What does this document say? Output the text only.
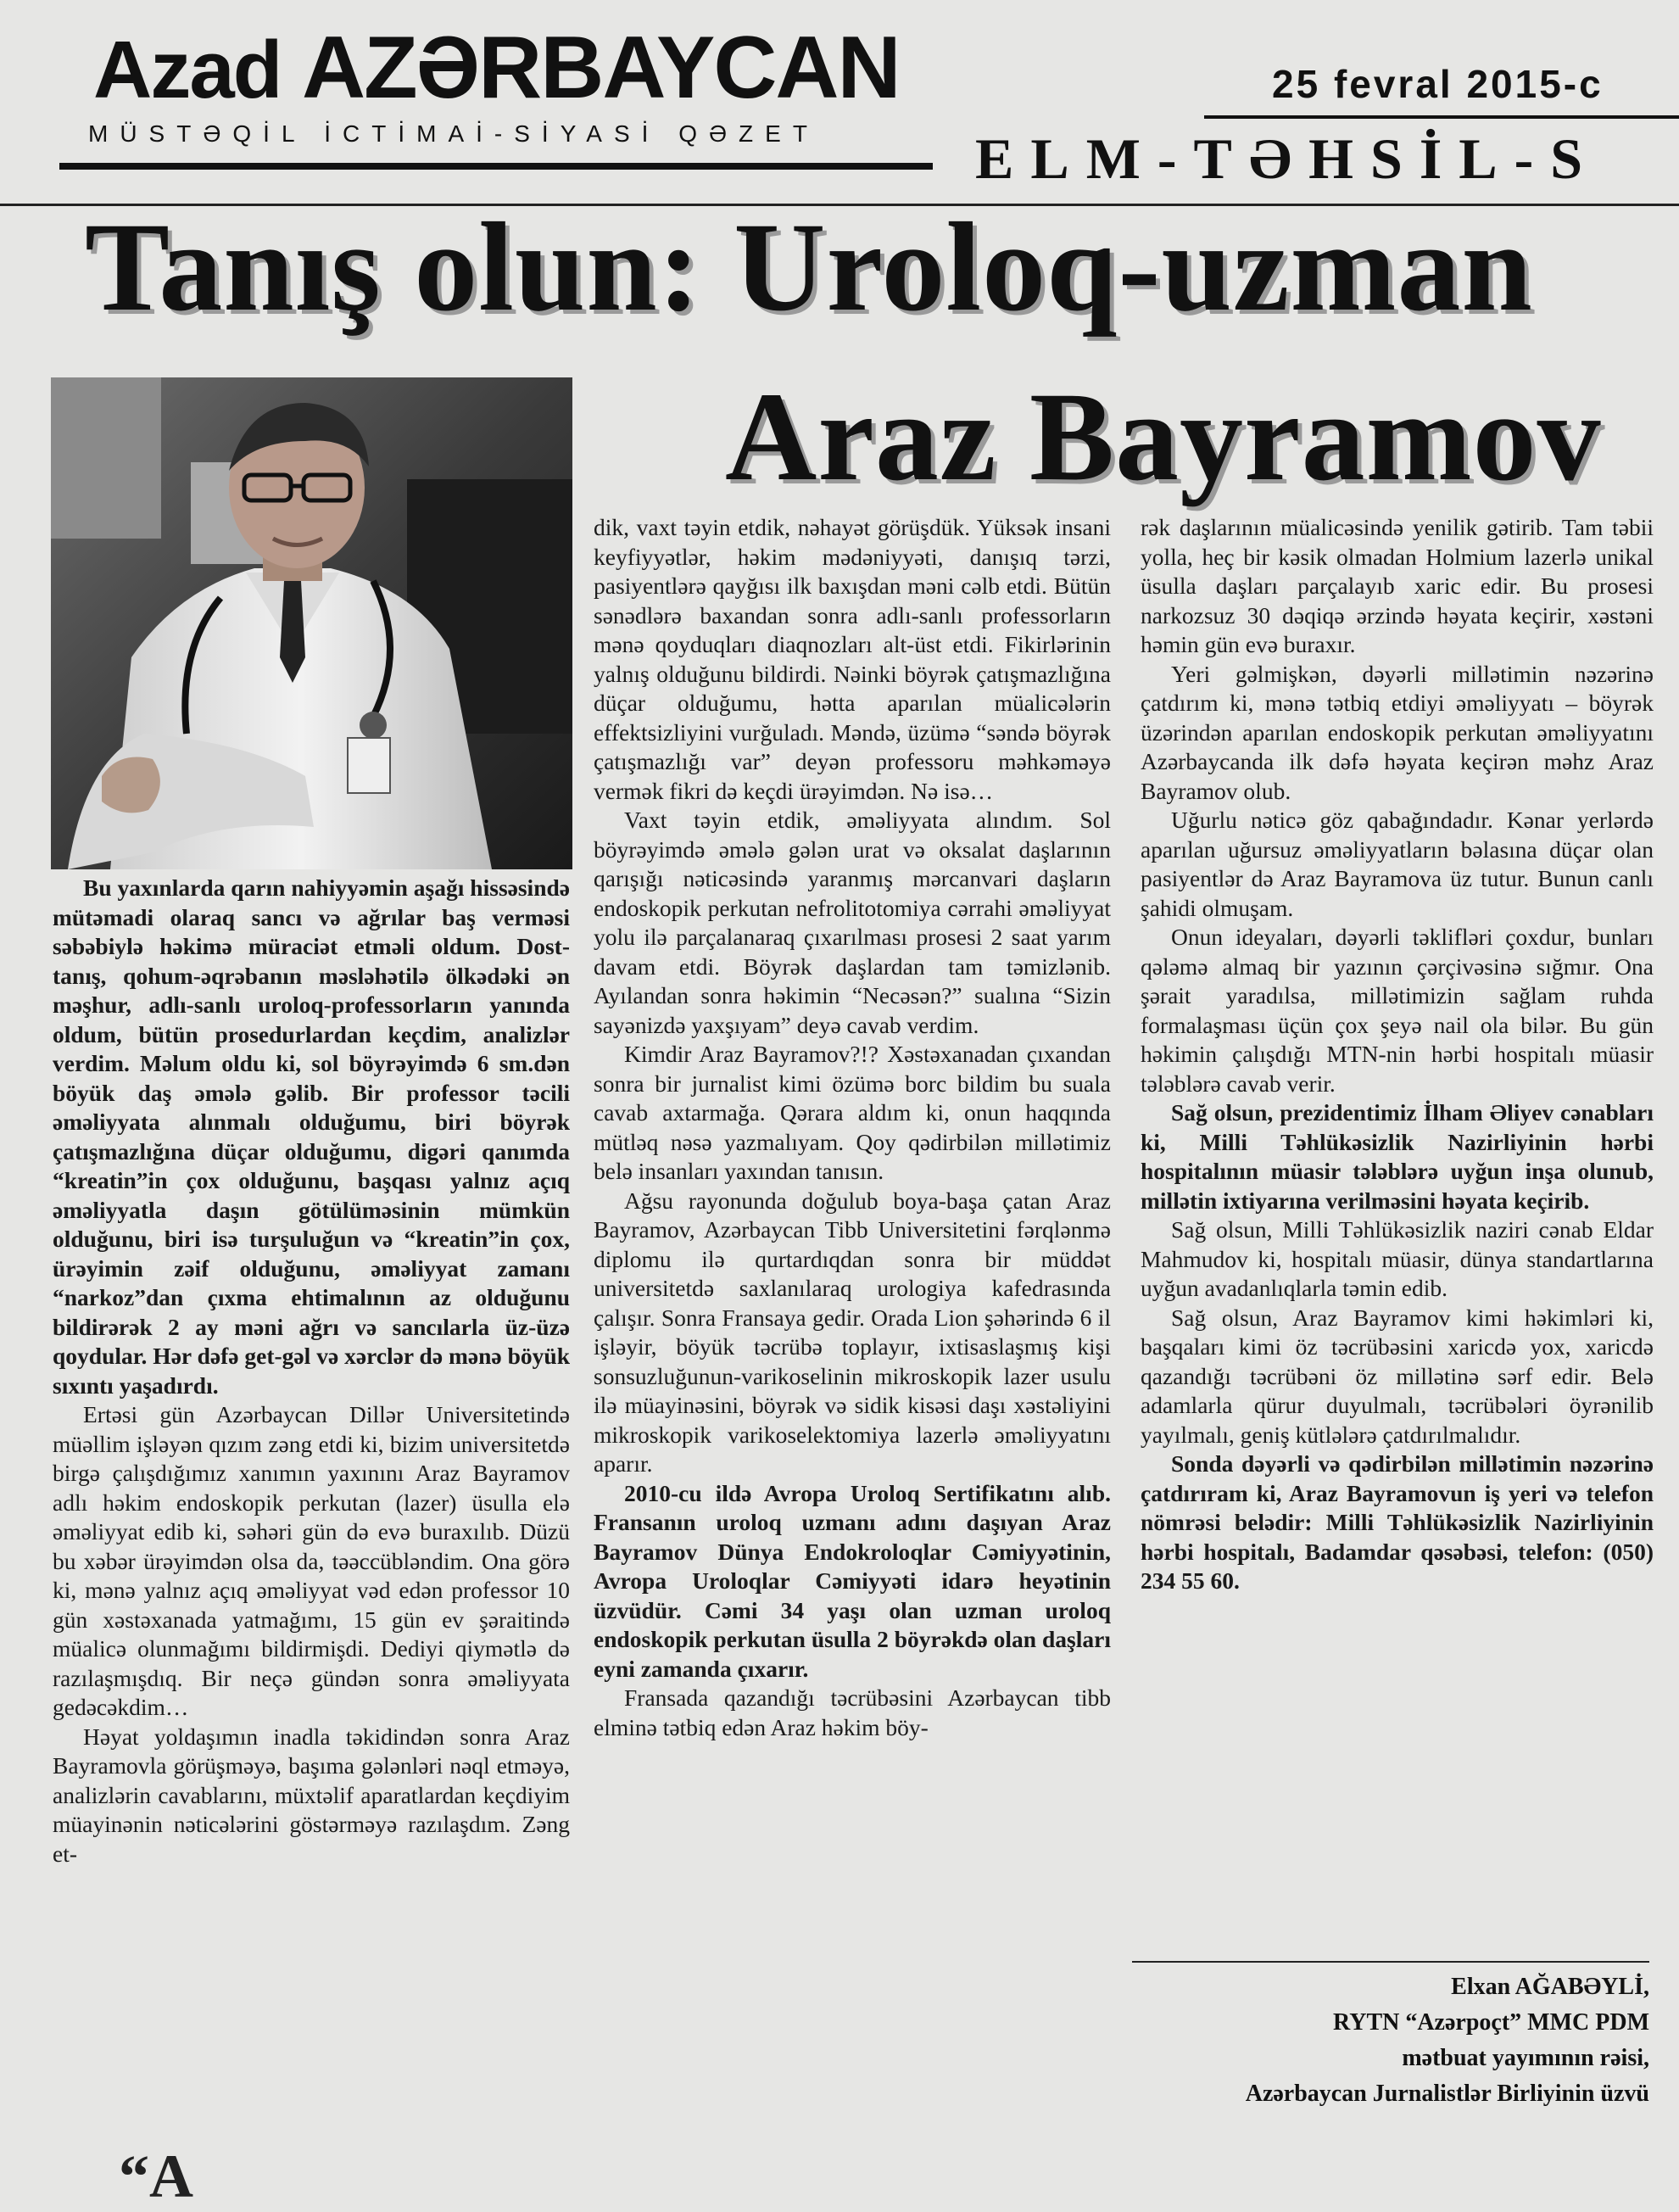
Azad AZƏRBAYCAN
MÜSTƏQİL İCTİMAİ-SİYASİ QƏZET
25 fevral 2015-c
ELM-TƏHSİL-S
Tanış olun: Uroloq-uzman
Araz Bayramov

Bu yaxınlarda qarın nahiyyəmin aşağı hissəsində mütəmadi olaraq sancı və ağrılar baş verməsi səbəbiylə həkimə müraciət etməli oldum. Dost-tanış, qohum-əqrəbanın məsləhətilə ölkədəki ən məşhur, adlı-sanlı uroloq-professorların yanında oldum, bütün prosedurlardan keçdim, analizlər verdim. Məlum oldu ki, sol böyrəyimdə 6 sm.dən böyük daş əmələ gəlib. Bir professor təcili əməliyyata alınmalı olduğumu, biri böyrək çatışmazlığına düçar olduğumu, digəri qanımda “kreatin”in çox olduğunu, başqası yalnız açıq əməliyyatla daşın götülüməsinin mümkün olduğunu, biri isə turşuluğun və “kreatin”in çox, ürəyimin zəif olduğunu, əməliyyat zamanı “narkoz”dan çıxma ehtimalının az olduğunu bildirərək 2 ay məni ağrı və sancılarla üz-üzə qoydular. Hər dəfə get-gəl və xərclər də mənə böyük sıxıntı yaşadırdı.

Ertəsi gün Azərbaycan Dillər Universitetində müəllim işləyən qızım zəng etdi ki, bizim universitetdə birgə çalışdığımız xanımın yaxınını Araz Bayramov adlı həkim endoskopik perkutan (lazer) üsulla elə əməliyyat edib ki, səhəri gün də evə buraxılıb. Düzü bu xəbər ürəyimdən olsa da, təəccübləndim. Ona görə ki, mənə yalnız açıq əməliyyat vəd edən professor 10 gün xəstəxanada yatmağımı, 15 gün ev şəraitində müalicə olunmağımı bildirmişdi. Dediyi qiymətlə də razılaşmışdıq. Bir neçə gündən sonra əməliyyata gedəcəkdim…

Həyat yoldaşımın inadla təkidindən sonra Araz Bayramovla görüşməyə, başıma gələnləri nəql etməyə, analizlərin cavablarını, müxtəlif aparatlardan keçdiyim müayinənin nəticələrini göstərməyə razılaşdım. Zəng et-

dik, vaxt təyin etdik, nəhayət görüşdük. Yüksək insani keyfiyyətlər, həkim mədəniyyəti, danışıq tərzi, pasiyentlərə qayğısı ilk baxışdan məni cəlb etdi. Bütün sənədlərə baxandan sonra adlı-sanlı professorların mənə qoyduqları diaqnozları alt-üst etdi. Fikirlərinin yalnış olduğunu bildirdi. Nəinki böyrək çatışmazlığına düçar olduğumu, hətta aparılan müalicələrin effektsizliyini vurğuladı. Məndə, üzümə “səndə böyrək çatışmazlığı var” deyən professoru məhkəməyə vermək fikri də keçdi ürəyimdən. Nə isə…

Vaxt təyin etdik, əməliyyata alındım. Sol böyrəyimdə əmələ gələn urat və oksalat daşlarının qarışığı nəticəsində yaranmış mərcanvari daşların endoskopik perkutan nefrolitotomiya cərrahi əməliyyat yolu ilə parçalanaraq çıxarılması prosesi 2 saat yarım davam etdi. Böyrək daşlardan tam təmizlənib. Ayılandan sonra həkimin “Necəsən?” sualına “Sizin sayənizdə yaxşıyam” deyə cavab verdim.

Kimdir Araz Bayramov?!? Xəstəxanadan çıxandan sonra bir jurnalist kimi özümə borc bildim bu suala cavab axtarmağa. Qərara aldım ki, onun haqqında mütləq nəsə yazmalıyam. Qoy qədirbilən millətimiz belə insanları yaxından tanısın.

Ağsu rayonunda doğulub boya-başa çatan Araz Bayramov, Azərbaycan Tibb Universitetini fərqlənmə diplomu ilə qurtardıqdan sonra bir müddət universitetdə saxlanılaraq urologiya kafedrasında çalışır. Sonra Fransaya gedir. Orada Lion şəhərində 6 il işləyir, böyük təcrübə toplayır, ixtisaslaşmış kişi sonsuzluğunun-varikoselinin mikroskopik lazer usulu ilə müayinəsini, böyrək və sidik kisəsi daşı xəstəliyini mikroskopik varikoselektomiya lazerlə əməliyyatını aparır.

2010-cu ildə Avropa Uroloq Sertifikatını alıb. Fransanın uroloq uzmanı adını daşıyan Araz Bayramov Dünya Endokroloqlar Cəmiyyətinin, Avropa Uroloqlar Cəmiyyəti idarə heyətinin üzvüdür. Cəmi 34 yaşı olan uzman uroloq endoskopik perkutan üsulla 2 böyrəkdə olan daşları eyni zamanda çıxarır.

Fransada qazandığı təcrübəsini Azərbaycan tibb elminə tətbiq edən Araz həkim böy-

rək daşlarının müalicəsində yenilik gətirib. Tam təbii yolla, heç bir kəsik olmadan Holmium lazerlə unikal üsulla daşları parçalayıb xaric edir. Bu prosesi narkozsuz 30 dəqiqə ərzində həyata keçirir, xəstəni həmin gün evə buraxır.

Yeri gəlmişkən, dəyərli millətimin nəzərinə çatdırım ki, mənə tətbiq etdiyi əməliyyatı – böyrək üzərindən aparılan endoskopik perkutan əməliyyatını Azərbaycanda ilk dəfə həyata keçirən məhz Araz Bayramov olub.

Uğurlu nəticə göz qabağındadır. Kənar yerlərdə aparılan uğursuz əməliyyatların bəlasına düçar olan pasiyentlər də Araz Bayramova üz tutur. Bunun canlı şahidi olmuşam.

Onun ideyaları, dəyərli təklifləri çoxdur, bunları qələmə almaq bir yazının çərçivəsinə sığmır. Ona şərait yaradılsa, millətimizin sağlam ruhda formalaşması üçün çox şeyə nail ola bilər. Bu gün həkimin çalışdığı MTN-nin hərbi hospitalı müasir tələblərə cavab verir.

Sağ olsun, prezidentimiz İlham Əliyev cənabları ki, Milli Təhlükəsizlik Nazirliyinin hərbi hospitalının müasir tələblərə uyğun inşa olunub, millətin ixtiyarına verilməsini həyata keçirib.

Sağ olsun, Milli Təhlükəsizlik naziri cənab Eldar Mahmudov ki, hospitalı müasir, dünya standartlarına uyğun avadanlıqlarla təmin edib.

Sağ olsun, Araz Bayramov kimi həkimləri ki, başqaları kimi öz təcrübəsini xaricdə yox, xaricdə qazandığı təcrübəni öz millətinə sərf edir. Belə adamlarla qürur duyulmalı, təcrübələri öyrənilib yayılmalı, geniş kütlələrə çatdırılmalıdır.

Sonda dəyərli və qədirbilən millətimin nəzərinə çatdırıram ki, Araz Bayramovun iş yeri və telefon nömrəsi belədir: Milli Təhlükəsizlik Nazirliyinin hərbi hospitalı, Badamdar qəsəbəsi, telefon: (050) 234 55 60.

Elxan AĞABƏYLİ,
RYTN “Azərpoçt” MMC PDM
mətbuat yayımının rəisi,
Azərbaycan Jurnalistlər Birliyinin üzvü
“A
